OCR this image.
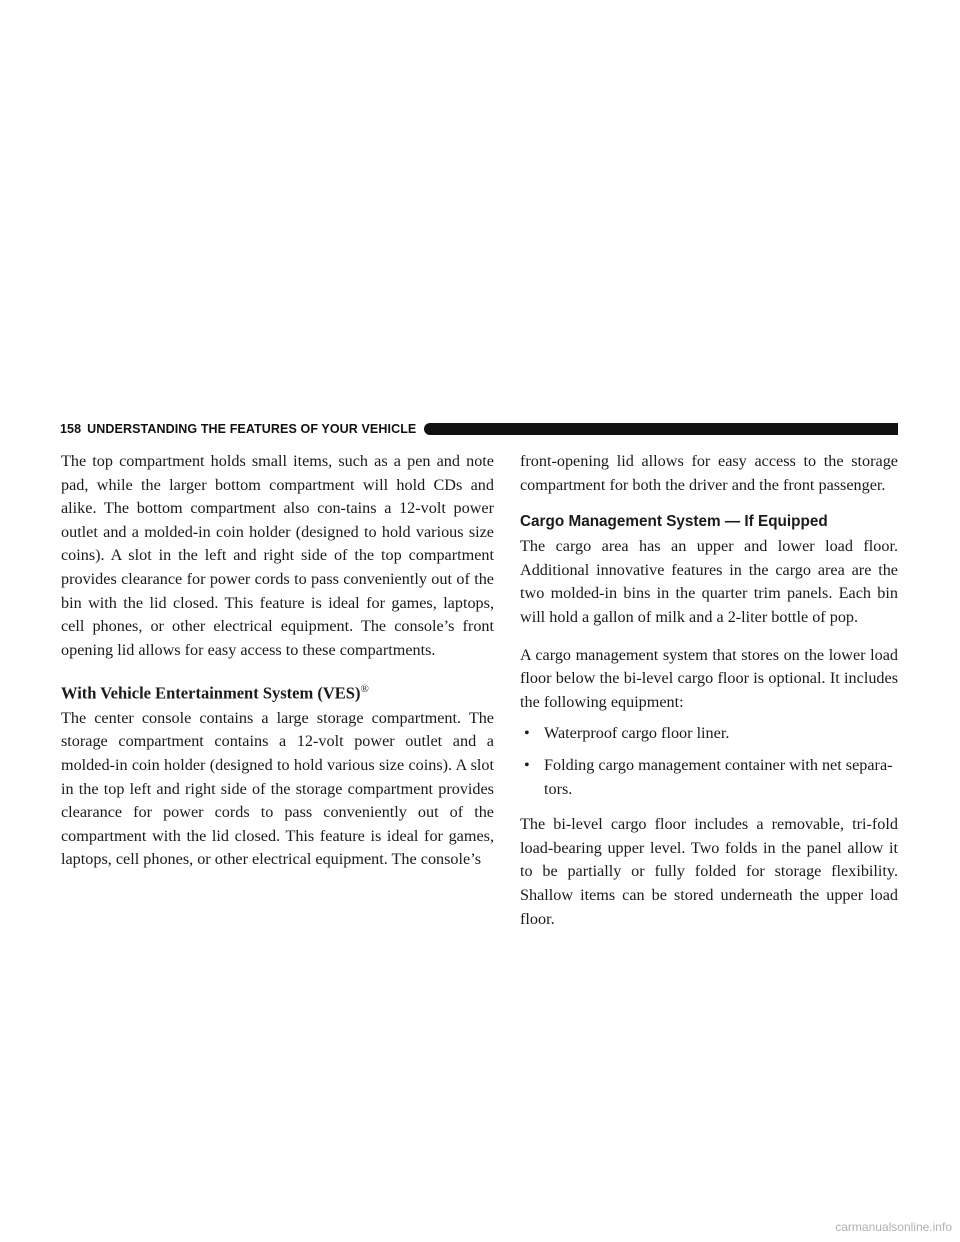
158 UNDERSTANDING THE FEATURES OF YOUR VEHICLE

The top compartment holds small items, such as a pen and note pad, while the larger bottom compartment will hold CDs and alike. The bottom compartment also con-tains a 12-volt power outlet and a molded-in coin holder (designed to hold various size coins). A slot in the left and right side of the top compartment provides clearance for power cords to pass conveniently out of the bin with the lid closed. This feature is ideal for games, laptops, cell phones, or other electrical equipment. The console’s front opening lid allows for easy access to these compartments.

With Vehicle Entertainment System (VES)®

The center console contains a large storage compartment. The storage compartment contains a 12-volt power outlet and a molded-in coin holder (designed to hold various size coins). A slot in the top left and right side of the storage compartment provides clearance for power cords to pass conveniently out of the compartment with the lid closed. This feature is ideal for games, laptops, cell phones, or other electrical equipment. The console’s

front-opening lid allows for easy access to the storage compartment for both the driver and the front passenger.

Cargo Management System — If Equipped

The cargo area has an upper and lower load floor. Additional innovative features in the cargo area are the two molded-in bins in the quarter trim panels. Each bin will hold a gallon of milk and a 2-liter bottle of pop.

A cargo management system that stores on the lower load floor below the bi-level cargo floor is optional. It includes the following equipment:

• Waterproof cargo floor liner.
• Folding cargo management container with net separa-tors.

The bi-level cargo floor includes a removable, tri-fold load-bearing upper level. Two folds in the panel allow it to be partially or fully folded for storage flexibility. Shallow items can be stored underneath the upper load floor.

carmanualsonline.info
